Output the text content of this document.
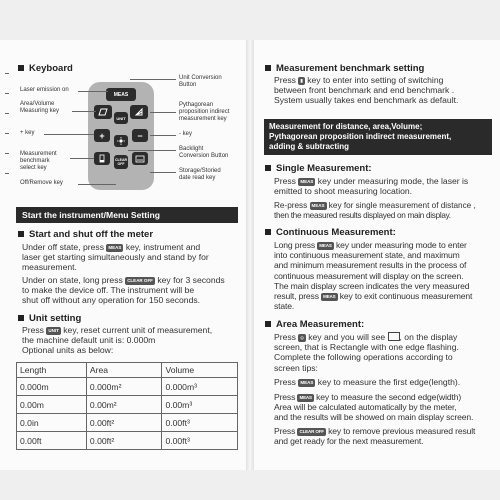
Keyboard
MEAS
UNIT
+	−
CLEAR OFF
Laser emission on
Area/Volume
Measuring key
+ key
Measurement
benchmark
select key
Off/Remove key
Unit Conversion
Button
Pythagorean
proposition indirect
measurement key
- key
Backlight
Conversion Button
Storage/Storied
date read key
Start the instrument/Menu Setting
Start and shut off the meter
Under off state, press MEAS key, instrument and
laser get starting simultaneously and stand by for
measurement.
Under on state, long press CLEAR OFF key for 3 seconds
to make the device off. The instrument will be
shut off without any operation for 150 seconds.
Unit setting
Press UNIT key, reset current unit of measurement,
the machine default unit is: 0.000m
Optional units as below:
Length	Area	Volume
0.000m	0.000m²	0.000m³
0.00m	0.00m²	0.00m³
0.0in	0.00ft²	0.00ft³
0.00ft	0.00ft²	0.00ft³
Measurement benchmark setting
Press ▮ key to enter into setting of switching
between front benchmark and end benchmark .
System usually takes end benchmark as default.
Measurement for distance, area,Volume;
Pythagorean proposition indirect measurement,
adding & subtracting
Single Measurement:
Press MEAS key under measuring mode, the laser is
emitted to shoot measuring location.
Re-press MEAS key for single measurement of distance ,
then the measured results displayed on main display.
Continuous Measurement:
Long press MEAS key under measuring mode to enter
into continuous measurement state, and maximum
and minimum measurement results in the process of
continuous measurement will display on the screen.
The main display screen indicates the very measured
result, press MEAS key to exit continuous measurement
state.
Area Measurement:
Press ◇ key and you will see , on the display
screen, that is Rectangle with one edge flashing.
Complete the following operations according to
screen tips:
Press MEAS key to measure the first edge(length).
Press MEAS key to measure the second edge(width)
Area will be calculated automatically by the meter,
and the results will be showed on main display screen.
Press CLEAR OFF key to remove previous measured result
and get ready for the next measurement.
